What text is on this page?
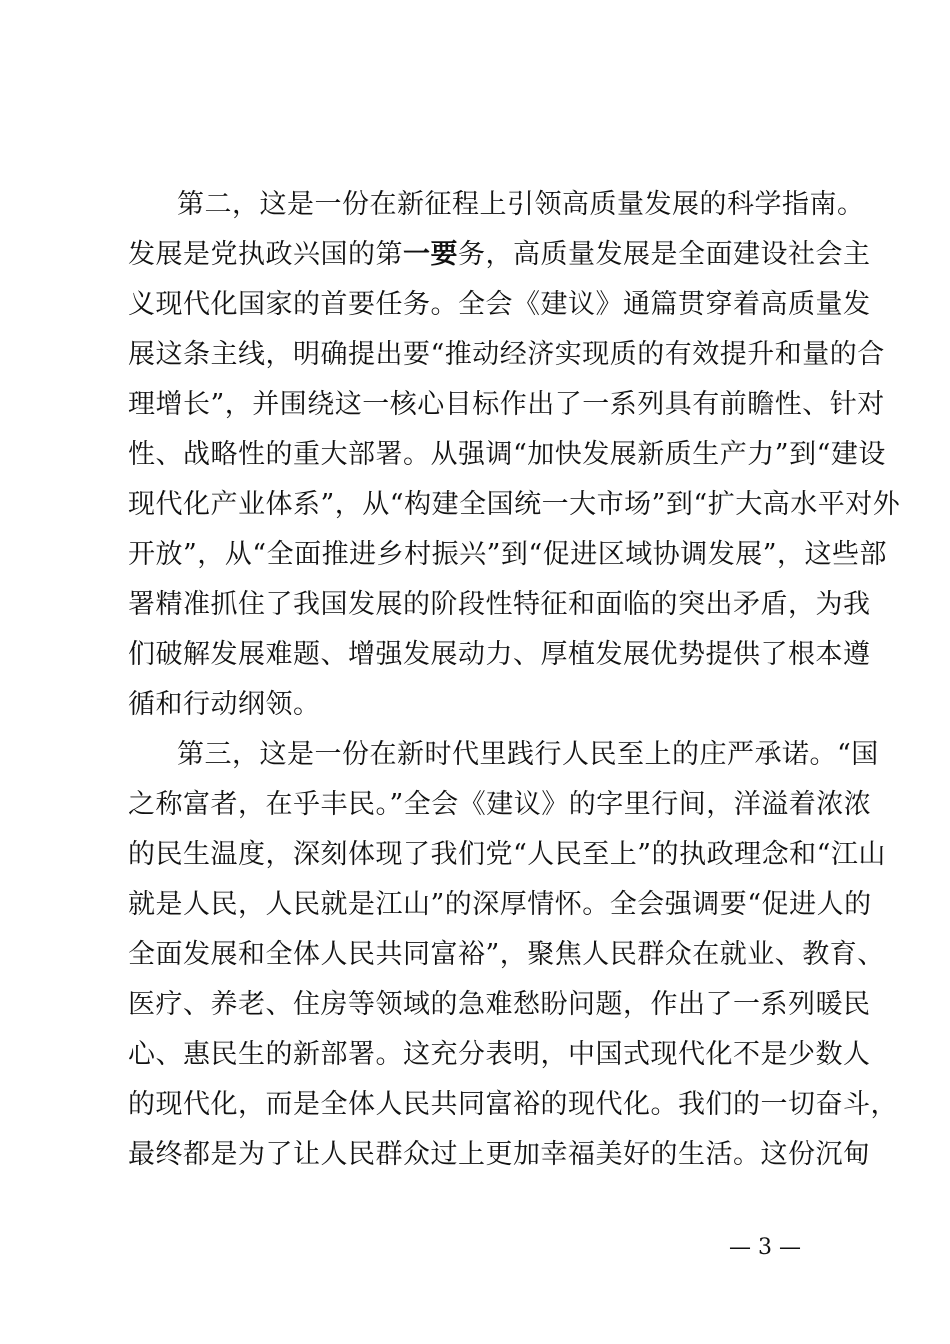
第二，这是一份在新征程上引领高质量发展的科学指南。
发展是党执政兴国的第一要务，高质量发展是全面建设社会主
义现代化国家的首要任务。全会《建议》通篇贯穿着高质量发
展这条主线，明确提出要“推动经济实现质的有效提升和量的合
理增长”，并围绕这一核心目标作出了一系列具有前瞻性、针对
性、战略性的重大部署。从强调“加快发展新质生产力”到“建设
现代化产业体系”，从“构建全国统一大市场”到“扩大高水平对外
开放”，从“全面推进乡村振兴”到“促进区域协调发展”，这些部
署精准抓住了我国发展的阶段性特征和面临的突出矛盾，为我
们破解发展难题、增强发展动力、厚植发展优势提供了根本遵
循和行动纲领。
第三，这是一份在新时代里践行人民至上的庄严承诺。“国
之称富者，在乎丰民。”全会《建议》的字里行间，洋溢着浓浓
的民生温度，深刻体现了我们党“人民至上”的执政理念和“江山
就是人民，人民就是江山”的深厚情怀。全会强调要“促进人的
全面发展和全体人民共同富裕”，聚焦人民群众在就业、教育、
医疗、养老、住房等领域的急难愁盼问题，作出了一系列暖民
心、惠民生的新部署。这充分表明，中国式现代化不是少数人
的现代化，而是全体人民共同富裕的现代化。我们的一切奋斗，
最终都是为了让人民群众过上更加幸福美好的生活。这份沉甸
— 3 —
